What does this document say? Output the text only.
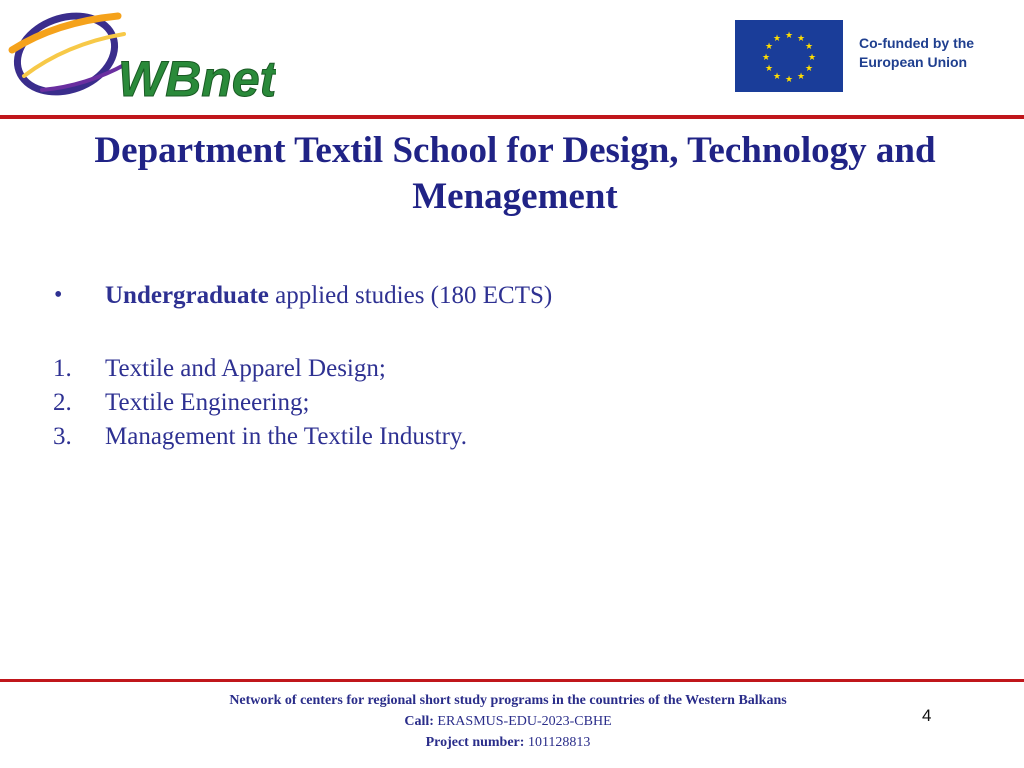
WBnet
★ ★
★
★
★
★
★
★
★
★
★
★	Co-funded by the
European Union
Department Textil School for Design, Technology and
Menagement
• Undergraduate applied studies (180 ECTS)
1. Textile and Apparel Design;
2. Textile Engineering;
3. Management in the Textile Industry.
Network of centers for regional short study programs in the countries of the Western Balkans
Call: ERASMUS-EDU-2023-CBHE
Project number: 101128813
4
